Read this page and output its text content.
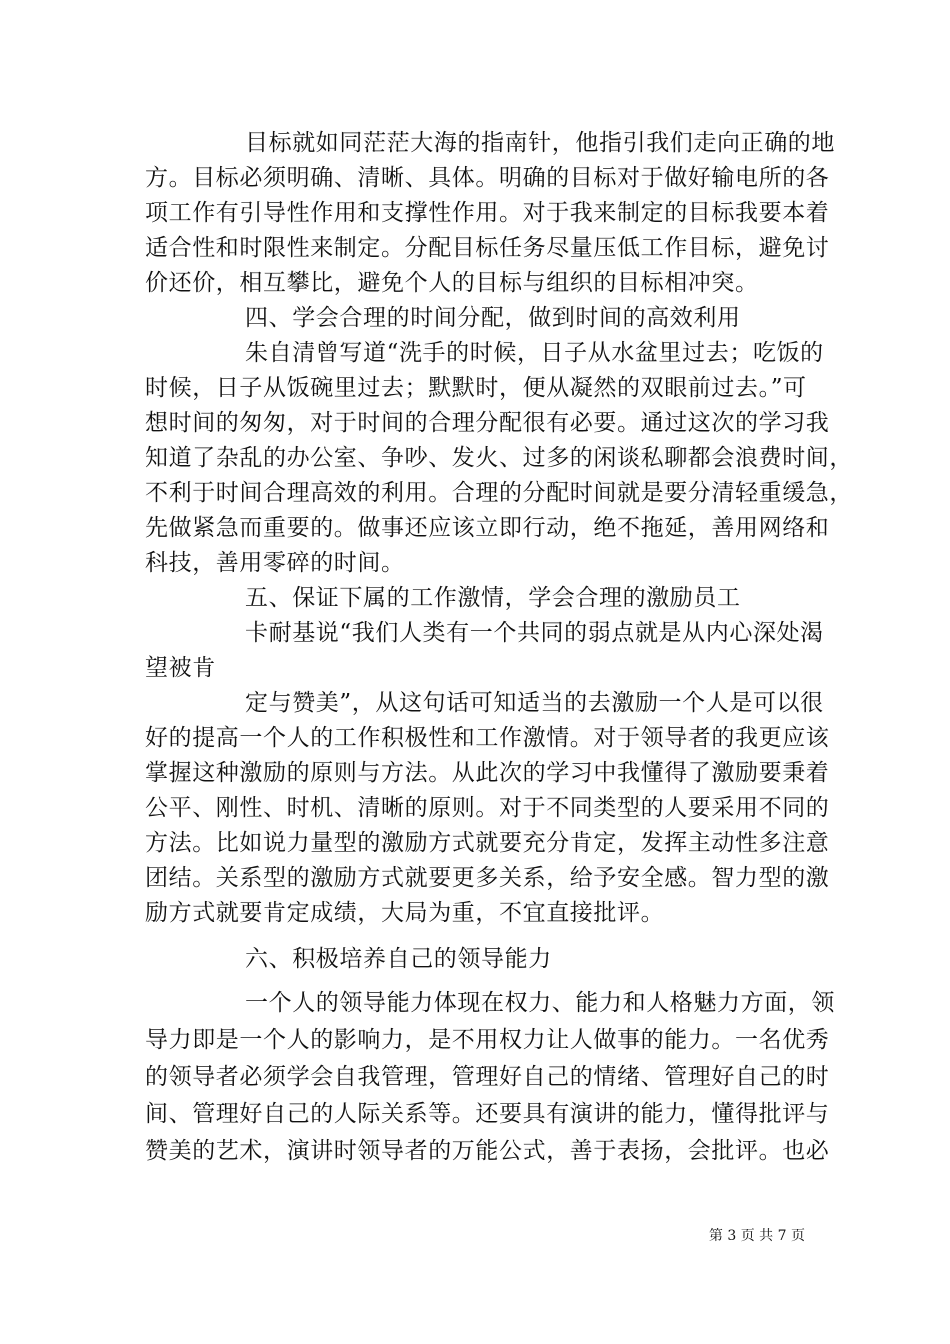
目标就如同茫茫大海的指南针，他指引我们走向正确的地
方。目标必须明确、清晰、具体。明确的目标对于做好输电所的各
项工作有引导性作用和支撑性作用。对于我来制定的目标我要本着
适合性和时限性来制定。分配目标任务尽量压低工作目标，避免讨
价还价，相互攀比，避免个人的目标与组织的目标相冲突。
四、学会合理的时间分配，做到时间的高效利用
朱自清曾写道“洗手的时候，日子从水盆里过去；吃饭的
时候，日子从饭碗里过去；默默时，便从凝然的双眼前过去。”可
想时间的匆匆，对于时间的合理分配很有必要。通过这次的学习我
知道了杂乱的办公室、争吵、发火、过多的闲谈私聊都会浪费时间，
不利于时间合理高效的利用。合理的分配时间就是要分清轻重缓急，
先做紧急而重要的。做事还应该立即行动，绝不拖延，善用网络和
科技，善用零碎的时间。
五、保证下属的工作激情，学会合理的激励员工
卡耐基说“我们人类有一个共同的弱点就是从内心深处渴
望被肯
定与赞美”，从这句话可知适当的去激励一个人是可以很
好的提高一个人的工作积极性和工作激情。对于领导者的我更应该
掌握这种激励的原则与方法。从此次的学习中我懂得了激励要秉着
公平、刚性、时机、清晰的原则。对于不同类型的人要采用不同的
方法。比如说力量型的激励方式就要充分肯定，发挥主动性多注意
团结。关系型的激励方式就要更多关系，给予安全感。智力型的激
励方式就要肯定成绩，大局为重，不宜直接批评。
六、积极培养自己的领导能力
一个人的领导能力体现在权力、能力和人格魅力方面，领
导力即是一个人的影响力，是不用权力让人做事的能力。一名优秀
的领导者必须学会自我管理，管理好自己的情绪、管理好自己的时
间、管理好自己的人际关系等。还要具有演讲的能力，懂得批评与
赞美的艺术，演讲时领导者的万能公式，善于表扬，会批评。也必
第 3 页 共 7 页
